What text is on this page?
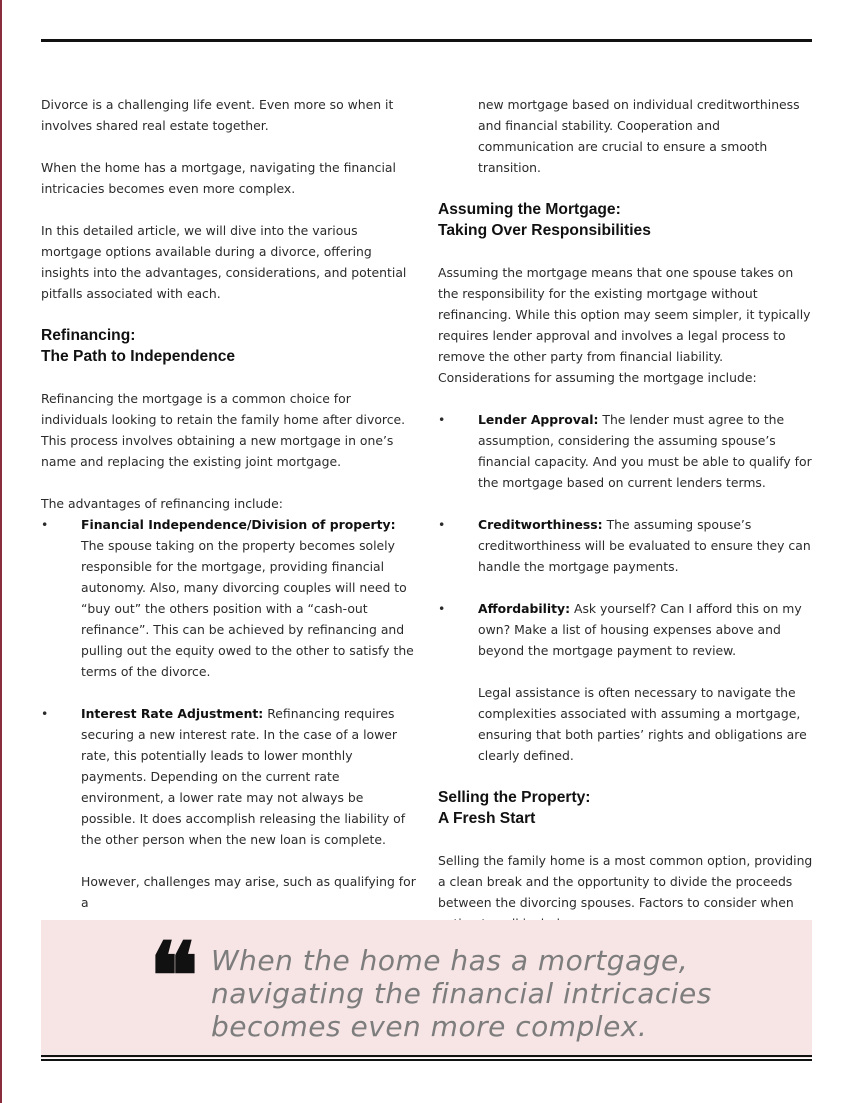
Divorce is a challenging life event. Even more so when it involves shared real estate together.

When the home has a mortgage, navigating the financial intricacies becomes even more complex.

In this detailed article, we will dive into the various mortgage options available during a divorce, offering insights into the advantages, considerations, and potential pitfalls associated with each.

Refinancing:
The Path to Independence

Refinancing the mortgage is a common choice for individuals looking to retain the family home after divorce. This process involves obtaining a new mortgage in one’s name and replacing the existing joint mortgage.

The advantages of refinancing include:

•	Financial Independence/Division of property:
The spouse taking on the property becomes solely responsible for the mortgage, providing financial autonomy. Also, many divorcing couples will need to “buy out” the others position with a “cash-out refinance”. This can be achieved by refinancing and pulling out the equity owed to the other to satisfy the terms of the divorce.
•	Interest Rate Adjustment: Refinancing requires securing a new interest rate. In the case of a lower rate, this potentially leads to lower monthly payments. Depending on the current rate environment, a lower rate may not always be possible. It does accomplish releasing the liability of the other person when the new loan is complete.

However, challenges may arise, such as qualifying for a

new mortgage based on individual creditworthiness and financial stability. Cooperation and communication are crucial to ensure a smooth transition.

Assuming the Mortgage:
Taking Over Responsibilities

Assuming the mortgage means that one spouse takes on the responsibility for the existing mortgage without refinancing. While this option may seem simpler, it typically requires lender approval and involves a legal process to remove the other party from financial liability. Considerations for assuming the mortgage include:

•	Lender Approval: The lender must agree to the assumption, considering the assuming spouse’s financial capacity. And you must be able to qualify for the mortgage based on current lenders terms.
•	Creditworthiness: The assuming spouse’s creditworthiness will be evaluated to ensure they can handle the mortgage payments.
•	Affordability: Ask yourself? Can I afford this on my own? Make a list of housing expenses above and beyond the mortgage payment to review.

Legal assistance is often necessary to navigate the complexities associated with assuming a mortgage, ensuring that both parties’ rights and obligations are clearly defined.

Selling the Property:
A Fresh Start

Selling the family home is a most common option, providing a clean break and the opportunity to divide the proceeds between the divorcing spouses. Factors to consider when

❝ When the home has a mortgage, navigating the financial intricacies becomes even more complex.
